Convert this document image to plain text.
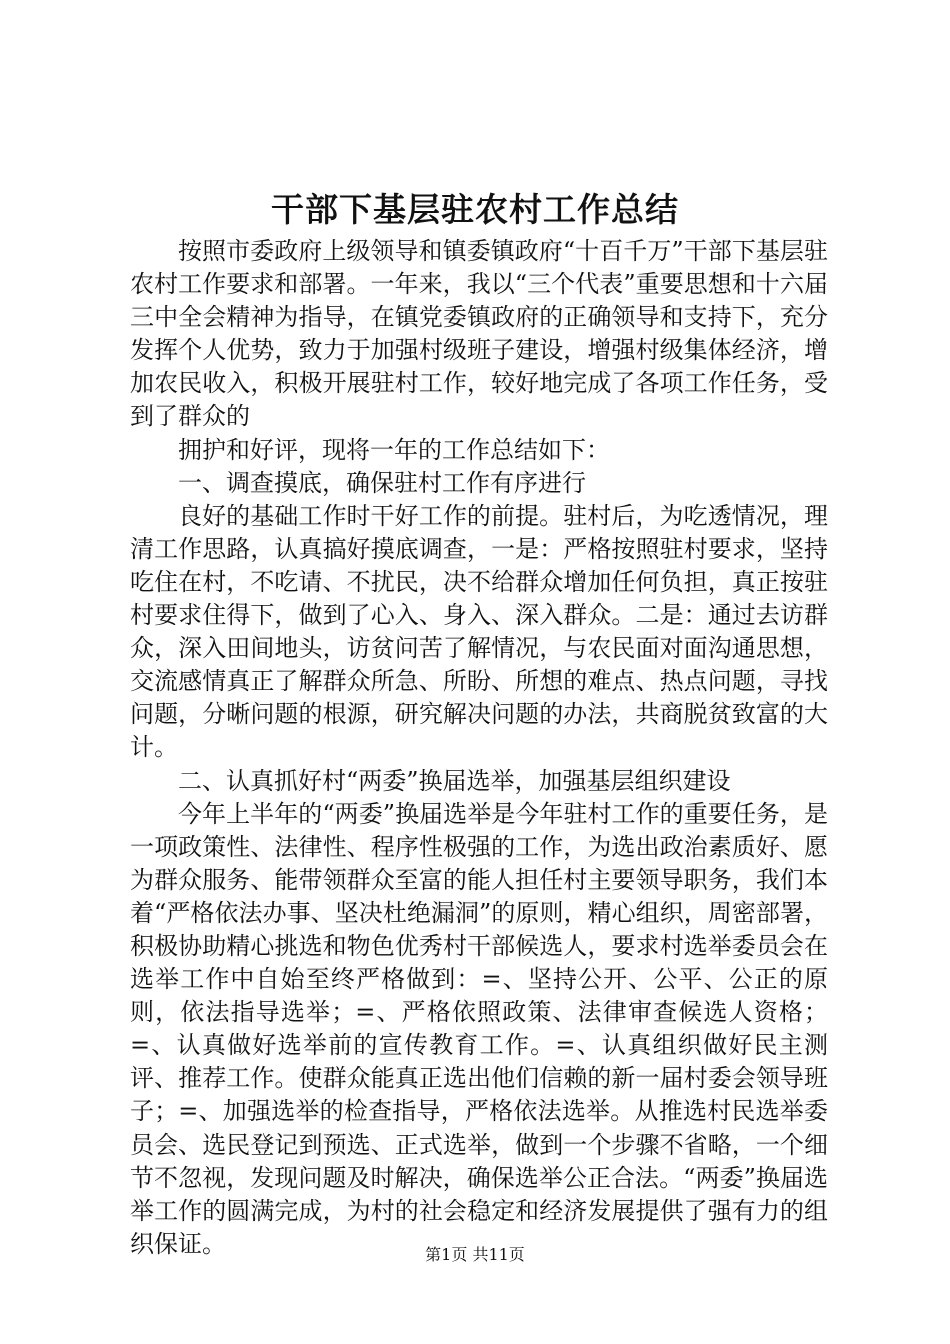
干部下基层驻农村工作总结

按照市委政府上级领导和镇委镇政府“十百千万”干部下基层驻农村工作要求和部署。一年来，我以“三个代表”重要思想和十六届三中全会精神为指导，在镇党委镇政府的正确领导和支持下，充分发挥个人优势，致力于加强村级班子建设，增强村级集体经济，增加农民收入，积极开展驻村工作，较好地完成了各项工作任务，受到了群众的

拥护和好评，现将一年的工作总结如下：

一、调查摸底，确保驻村工作有序进行

良好的基础工作时干好工作的前提。驻村后，为吃透情况，理清工作思路，认真搞好摸底调查，一是：严格按照驻村要求，坚持吃住在村，不吃请、不扰民，决不给群众增加任何负担，真正按驻村要求住得下，做到了心入、身入、深入群众。二是：通过去访群众，深入田间地头，访贫问苦了解情况，与农民面对面沟通思想，交流感情真正了解群众所急、所盼、所想的难点、热点问题，寻找问题，分晰问题的根源，研究解决问题的办法，共商脱贫致富的大计。

二、认真抓好村“两委”换届选举，加强基层组织建设

今年上半年的“两委”换届选举是今年驻村工作的重要任务，是一项政策性、法律性、程序性极强的工作，为选出政治素质好、愿为群众服务、能带领群众至富的能人担任村主要领导职务，我们本着“严格依法办事、坚决杜绝漏洞”的原则，精心组织，周密部署，积极协助精心挑选和物色优秀村干部候选人，要求村选举委员会在选举工作中自始至终严格做到：=、坚持公开、公平、公正的原则，依法指导选举；=、严格依照政策、法律审查候选人资格；=、认真做好选举前的宣传教育工作。=、认真组织做好民主测评、推荐工作。使群众能真正选出他们信赖的新一届村委会领导班子；=、加强选举的检查指导，严格依法选举。从推选村民选举委员会、选民登记到预选、正式选举，做到一个步骤不省略，一个细节不忽视，发现问题及时解决，确保选举公正合法。“两委”换届选举工作的圆满完成，为村的社会稳定和经济发展提供了强有力的组织保证。	第1页 共11页
